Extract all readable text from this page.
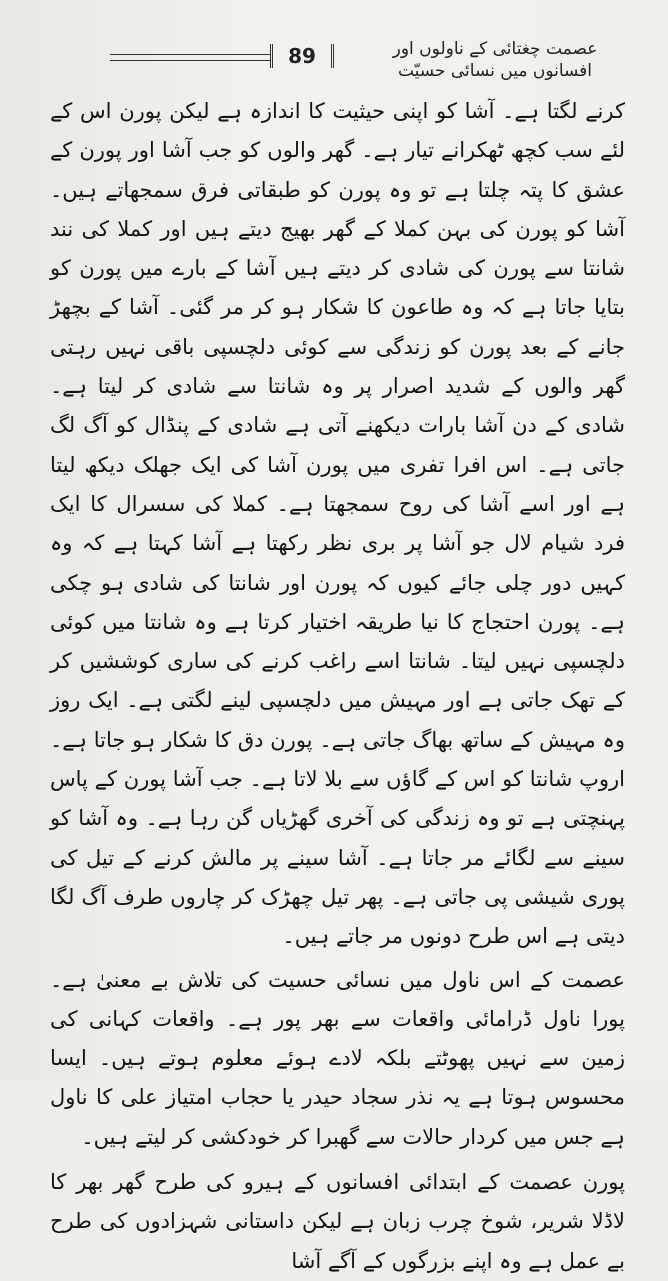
89	عصمت چغتائی کے ناولوں اور
افسانوں میں نسائی حسیّت

کرنے لگتا ہے۔ آشا کو اپنی حیثیت کا اندازہ ہے لیکن پورن اس کے لئے سب کچھ ٹھکرانے تیار ہے۔ گھر والوں کو جب آشا اور پورن کے عشق کا پتہ چلتا ہے تو وہ پورن کو طبقاتی فرق سمجھاتے ہیں۔ آشا کو پورن کی بہن کملا کے گھر بھیج دیتے ہیں اور کملا کی نند شانتا سے پورن کی شادی کر دیتے ہیں آشا کے بارے میں پورن کو بتایا جاتا ہے کہ وہ طاعون کا شکار ہو کر مر گئی۔ آشا کے بچھڑ جانے کے بعد پورن کو زندگی سے کوئی دلچسپی باقی نہیں رہتی گھر والوں کے شدید اصرار پر وہ شانتا سے شادی کر لیتا ہے۔ شادی کے دن آشا بارات دیکھنے آتی ہے شادی کے پنڈال کو آگ لگ جاتی ہے۔ اس افرا تفری میں پورن آشا کی ایک جھلک دیکھ لیتا ہے اور اسے آشا کی روح سمجھتا ہے۔ کملا کی سسرال کا ایک فرد شیام لال جو آشا پر بری نظر رکھتا ہے آشا کہتا ہے کہ وہ کہیں دور چلی جائے کیوں کہ پورن اور شانتا کی شادی ہو چکی ہے۔ پورن احتجاج کا نیا طریقہ اختیار کرتا ہے وہ شانتا میں کوئی دلچسپی نہیں لیتا۔ شانتا اسے راغب کرنے کی ساری کوششیں کر کے تھک جاتی ہے اور مہیش میں دلچسپی لینے لگتی ہے۔ ایک روز وہ مہیش کے ساتھ بھاگ جاتی ہے۔ پورن دق کا شکار ہو جاتا ہے۔ اروپ شانتا کو اس کے گاؤں سے بلا لاتا ہے۔ جب آشا پورن کے پاس پہنچتی ہے تو وہ زندگی کی آخری گھڑیاں گن رہا ہے۔ وہ آشا کو سینے سے لگائے مر جاتا ہے۔ آشا سینے پر مالش کرنے کے تیل کی پوری شیشی پی جاتی ہے۔ پھر تیل چھڑک کر چاروں طرف آگ لگا دیتی ہے اس طرح دونوں مر جاتے ہیں۔

عصمت کے اس ناول میں نسائی حسیت کی تلاش بے معنیٰ ہے۔ پورا ناول ڈرامائی واقعات سے بھر پور ہے۔ واقعات کہانی کی زمین سے نہیں پھوٹتے بلکہ لادے ہوئے معلوم ہوتے ہیں۔ ایسا محسوس ہوتا ہے یہ نذر سجاد حیدر یا حجاب امتیاز علی کا ناول ہے جس میں کردار حالات سے گھبرا کر خودکشی کر لیتے ہیں۔

پورن عصمت کے ابتدائی افسانوں کے ہیرو کی طرح گھر بھر کا لاڈلا شریر، شوخ چرب زبان ہے لیکن داستانی شہزادوں کی طرح بے عمل ہے وہ اپنے بزرگوں کے آگے آشا
